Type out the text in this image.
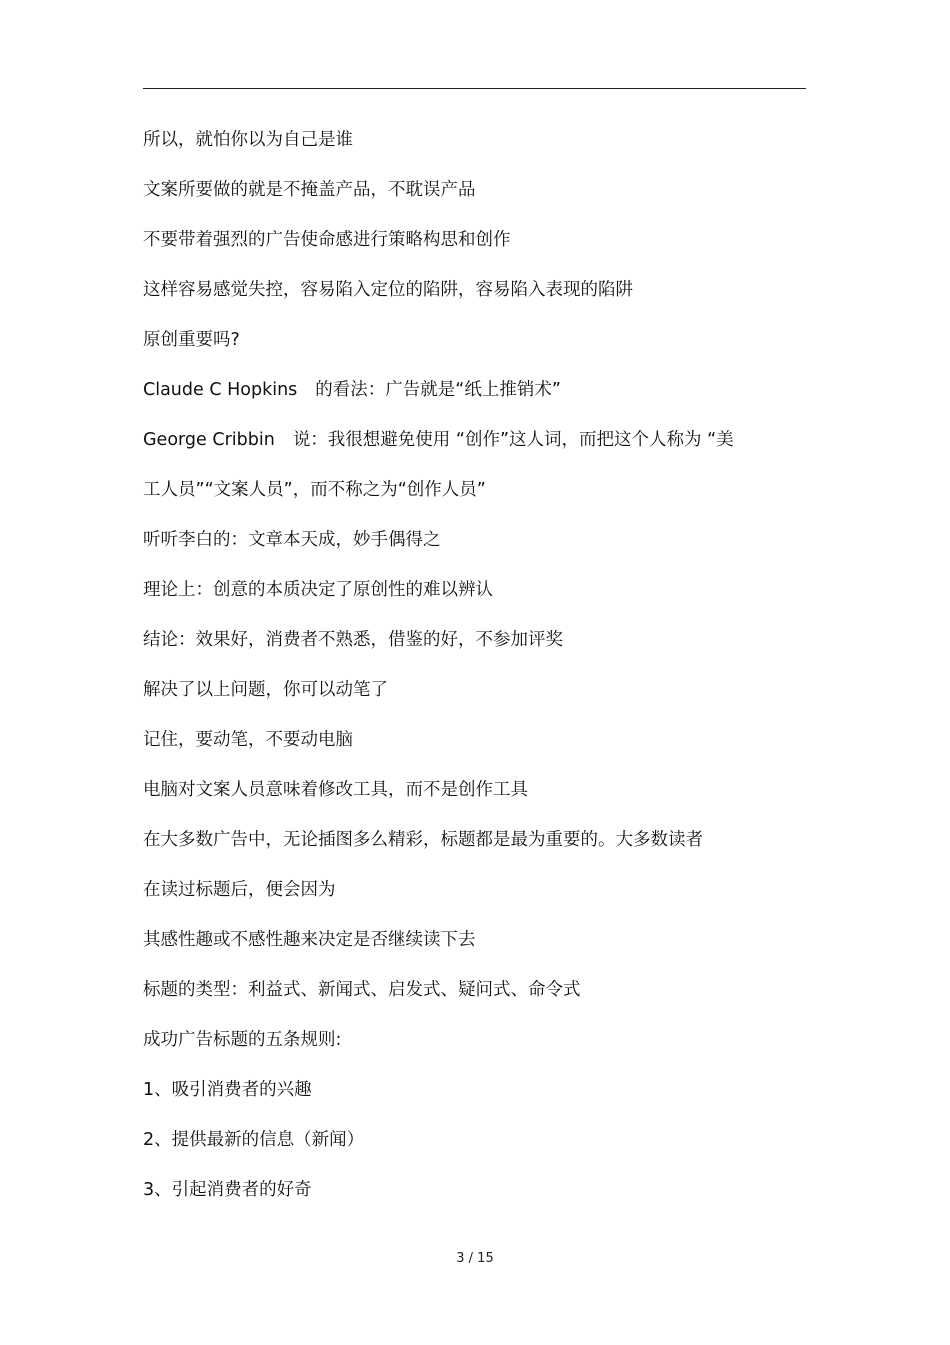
所以，就怕你以为自己是谁
文案所要做的就是不掩盖产品，不耽误产品
不要带着强烈的广告使命感进行策略构思和创作
这样容易感觉失控，容易陷入定位的陷阱，容易陷入表现的陷阱
原创重要吗?
Claude C Hopkins 的看法：广告就是“纸上推销术”
George Cribbin 说：我很想避免使用 “创作”这人词，而把这个人称为 “美
工人员”“文案人员”，而不称之为“创作人员”
听听李白的：文章本天成，妙手偶得之
理论上：创意的本质决定了原创性的难以辨认
结论：效果好，消费者不熟悉，借鉴的好，不参加评奖
解决了以上问题，你可以动笔了
记住，要动笔，不要动电脑
电脑对文案人员意味着修改工具，而不是创作工具
在大多数广告中，无论插图多么精彩，标题都是最为重要的。大多数读者
在读过标题后，便会因为
其感性趣或不感性趣来决定是否继续读下去
标题的类型：利益式、新闻式、启发式、疑问式、命令式
成功广告标题的五条规则:
1、吸引消费者的兴趣
2、提供最新的信息（新闻）
3、引起消费者的好奇
3 / 15
